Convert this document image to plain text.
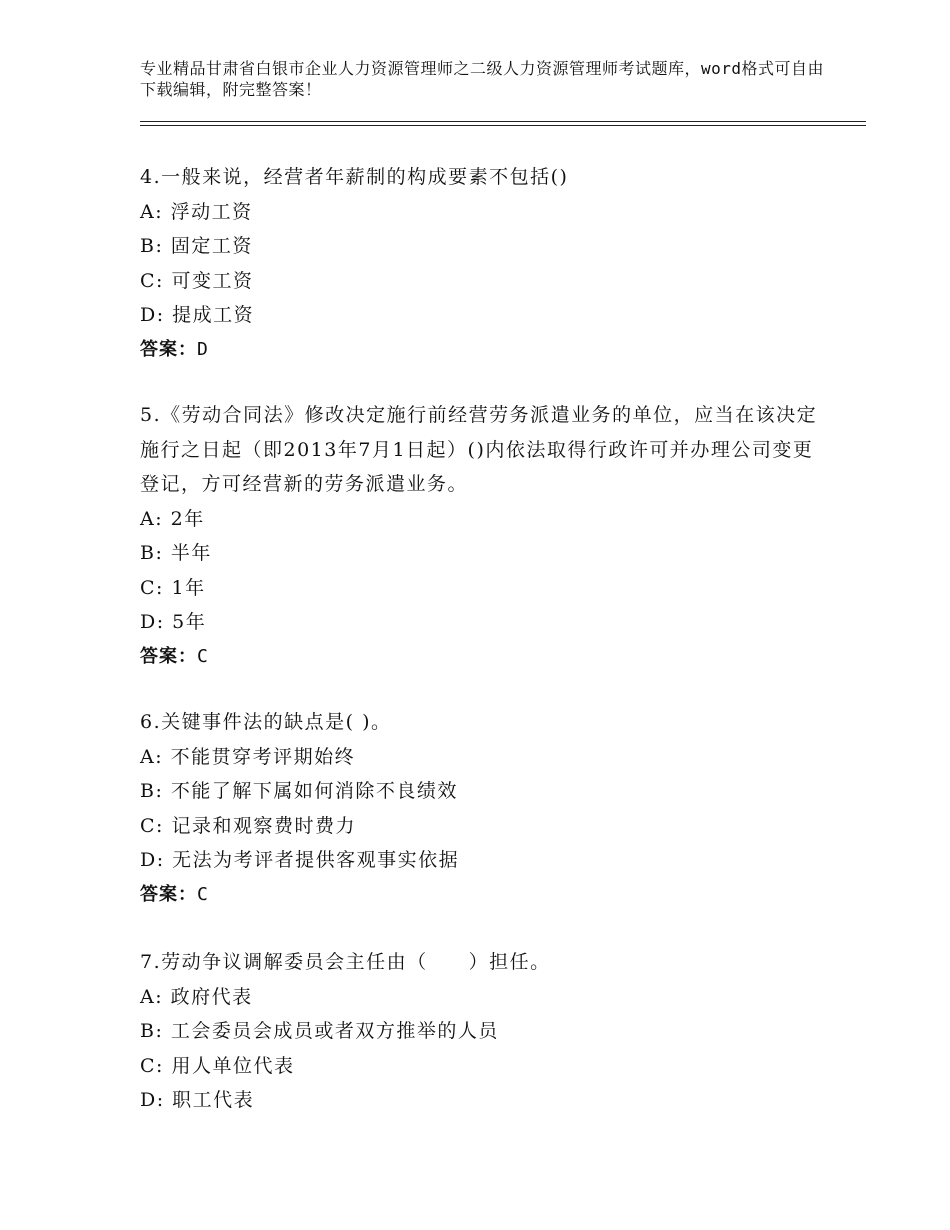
专业精品甘肃省白银市企业人力资源管理师之二级人力资源管理师考试题库，word格式可自由下载编辑，附完整答案！
4.一般来说，经营者年薪制的构成要素不包括()
A: 浮动工资
B: 固定工资
C: 可变工资
D: 提成工资
答案：D
5.《劳动合同法》修改决定施行前经营劳务派遣业务的单位，应当在该决定施行之日起（即2013年7月1日起）()内依法取得行政许可并办理公司变更登记，方可经营新的劳务派遣业务。
A: 2年
B: 半年
C: 1年
D: 5年
答案：C
6.关键事件法的缺点是( )。
A: 不能贯穿考评期始终
B: 不能了解下属如何消除不良绩效
C: 记录和观察费时费力
D: 无法为考评者提供客观事实依据
答案：C
7.劳动争议调解委员会主任由（　　）担任。
A: 政府代表
B: 工会委员会成员或者双方推举的人员
C: 用人单位代表
D: 职工代表
